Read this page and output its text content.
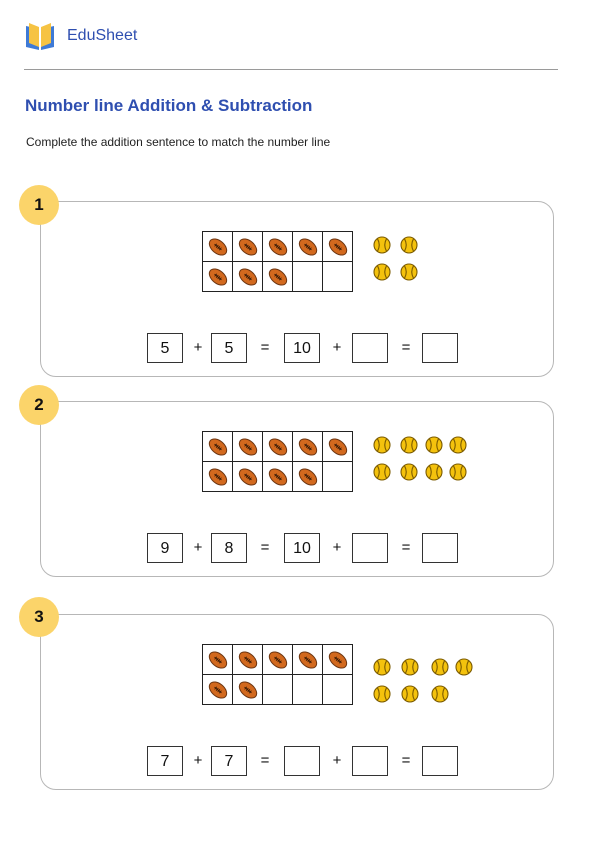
EduSheet
Number line Addition & Subtraction
Complete the addition sentence to match the number line
5	+	5	=	10	+	=
1
9	+	8	=	10	+	=
2
7	+	7	=	+	=
3
